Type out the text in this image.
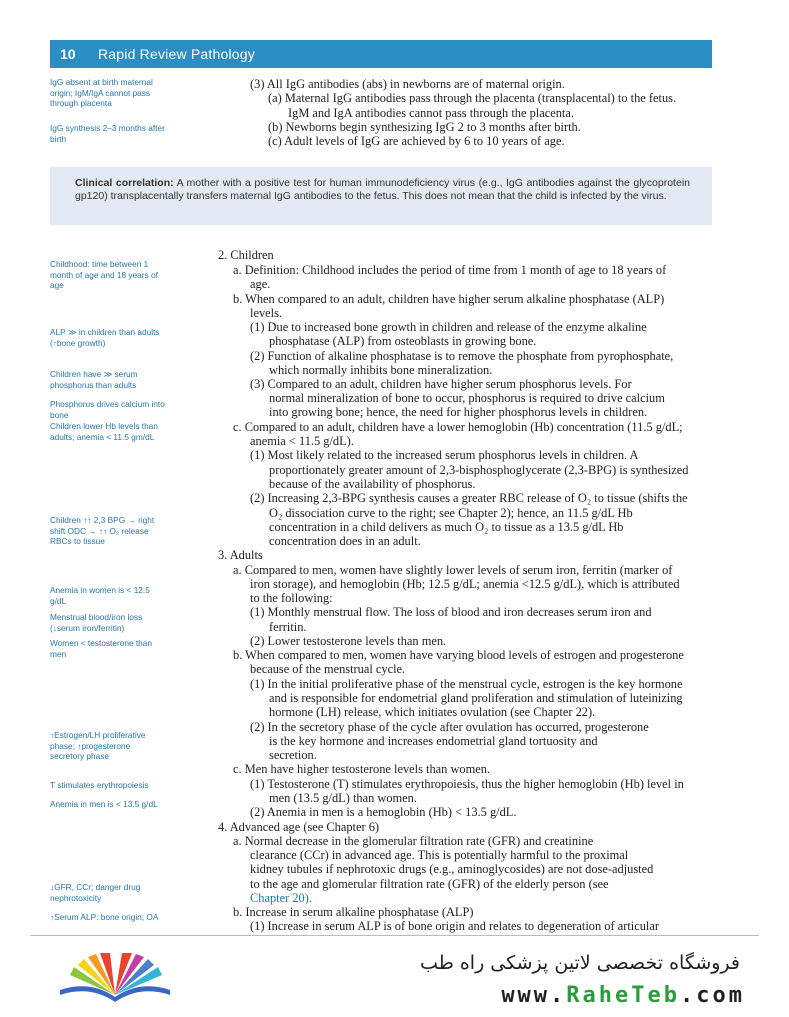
10	Rapid Review Pathology
IgG absent at birth maternal origin; IgM/IgA cannot pass through placenta
IgG synthesis 2–3 months after birth
Childhood: time between 1 month of age and 18 years of age
ALP ≫ in children than adults (↑bone growth)
Children have ≫ serum phosphorus than adults
Phosphorus drives calcium into bone
Children lower Hb levels than adults; anemia < 11.5 gm/dL
Children ↑↑ 2,3 BPG → right shift ODC → ↑↑ O₂ release RBCs to tissue
Anemia in women is < 12.5 g/dL
Menstrual blood/iron loss (↓serum iron/ferritin)
Women < testosterone than men
↑Estrogen/LH proliferative phase; ↑progesterone secretory phase
T stimulates erythropoiesis
Anemia in men is < 13.5 g/dL
↓GFR, CCr; danger drug nephrotoxicity
↑Serum ALP: bone origin; OA
(3) All IgG antibodies (abs) in newborns are of maternal origin.
(a) Maternal IgG antibodies pass through the placenta (transplacental) to the fetus.
IgM and IgA antibodies cannot pass through the placenta.
(b) Newborns begin synthesizing IgG 2 to 3 months after birth.
(c) Adult levels of IgG are achieved by 6 to 10 years of age.
2. Children
a. Definition: Childhood includes the period of time from 1 month of age to 18 years of
age.
b. When compared to an adult, children have higher serum alkaline phosphatase (ALP)
levels.
(1) Due to increased bone growth in children and release of the enzyme alkaline
phosphatase (ALP) from osteoblasts in growing bone.
(2) Function of alkaline phosphatase is to remove the phosphate from pyrophosphate,
which normally inhibits bone mineralization.
(3) Compared to an adult, children have higher serum phosphorus levels. For
normal mineralization of bone to occur, phosphorus is required to drive calcium
into growing bone; hence, the need for higher phosphorus levels in children.
c. Compared to an adult, children have a lower hemoglobin (Hb) concentration (11.5 g/dL;
anemia < 11.5 g/dL).
(1) Most likely related to the increased serum phosphorus levels in children. A
proportionately greater amount of 2,3-bisphosphoglycerate (2,3-BPG) is synthesized
because of the availability of phosphorus.
(2) Increasing 2,3-BPG synthesis causes a greater RBC release of O₂ to tissue (shifts the
O₂ dissociation curve to the right; see Chapter 2); hence, an 11.5 g/dL Hb
concentration in a child delivers as much O₂ to tissue as a 13.5 g/dL Hb
concentration does in an adult.
3. Adults
a. Compared to men, women have slightly lower levels of serum iron, ferritin (marker of
iron storage), and hemoglobin (Hb; 12.5 g/dL; anemia <12.5 g/dL), which is attributed
to the following:
(1) Monthly menstrual flow. The loss of blood and iron decreases serum iron and
ferritin.
(2) Lower testosterone levels than men.
b. When compared to men, women have varying blood levels of estrogen and progesterone
because of the menstrual cycle.
(1) In the initial proliferative phase of the menstrual cycle, estrogen is the key hormone
and is responsible for endometrial gland proliferation and stimulation of luteinizing
hormone (LH) release, which initiates ovulation (see Chapter 22).
(2) In the secretory phase of the cycle after ovulation has occurred, progesterone
is the key hormone and increases endometrial gland tortuosity and
secretion.
c. Men have higher testosterone levels than women.
(1) Testosterone (T) stimulates erythropoiesis, thus the higher hemoglobin (Hb) level in
men (13.5 g/dL) than women.
(2) Anemia in men is a hemoglobin (Hb) < 13.5 g/dL.
4. Advanced age (see Chapter 6)
a. Normal decrease in the glomerular filtration rate (GFR) and creatinine
clearance (CCr) in advanced age. This is potentially harmful to the proximal
kidney tubules if nephrotoxic drugs (e.g., aminoglycosides) are not dose-adjusted
to the age and glomerular filtration rate (GFR) of the elderly person (see
Chapter 20).
b. Increase in serum alkaline phosphatase (ALP)
(1) Increase in serum ALP is of bone origin and relates to degeneration of articular
Clinical correlation: A mother with a positive test for human immunodeficiency virus (e.g., IgG antibodies against the glycoprotein gp120) transplacentally transfers maternal IgG antibodies to the fetus. This does not mean that the child is infected by the virus.
فروشگاه تخصصی لاتین پزشکی راه طب
www.RaheTeb.com
